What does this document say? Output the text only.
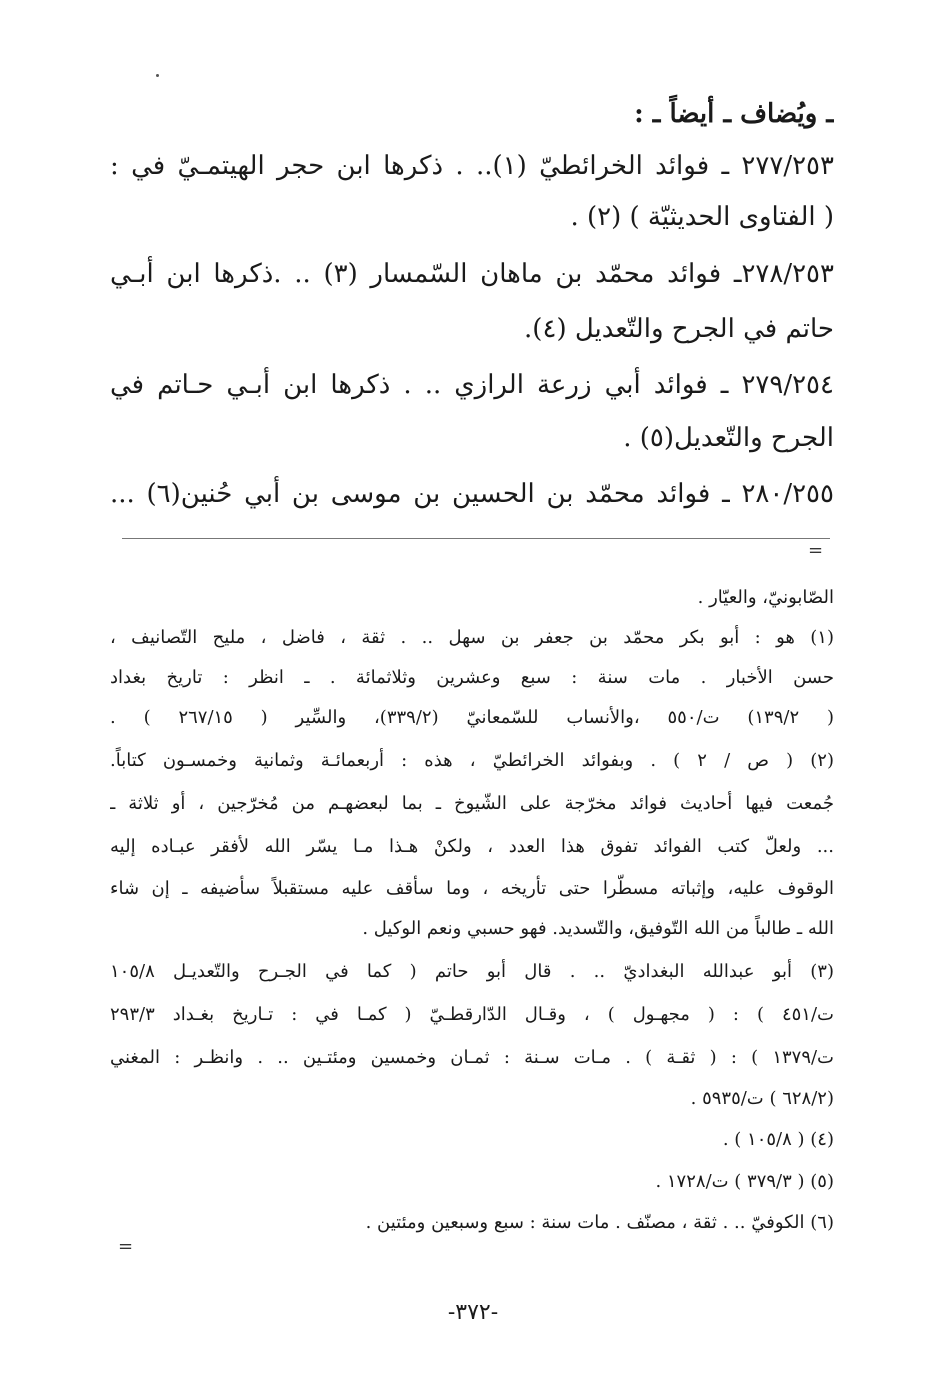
ـ ويُضاف ـ أيضاً ـ :
٢٧٧/٢٥٣ ـ فوائد الخرائطيّ (١).. . ذكرها ابن حجر الهيتمـيّ في :
( الفتاوى الحديثيّة ) (٢) .
٢٧٨/٢٥٣ـ فوائد محمّد بن ماهان السّمسار (٣) .. .ذكرها ابن أبـي
حاتم في الجرح والتّعديل (٤).
٢٧٩/٢٥٤ ـ فوائد أبي زرعة الرازي .. . ذكرها ابن أبـي حـاتم في
الجرح والتّعديل(٥) .
٢٨٠/٢٥٥ ـ فوائد محمّد بن الحسين بن موسى بن أبي حُنين(٦) ...
=
الصّابونيّ، والعيّار .
(١) هو : أبو بكر محمّد بن جعفر بن سهل .. . ثقة ، فاضل ، مليح التّصانيف ،
حسن الأخبار . مات سنة : سبع وعشرين وثلاثمائة . ـ انظر : تاريخ بغداد
( ١٣٩/٢) ت/٥٥٠ ،والأنساب للسّمعانيّ (٣٣٩/٢)، والسِّير ( ٢٦٧/١٥ ) .
(٢) ( ص / ٢ ) . وبفوائد الخرائطيّ ، هذه : أربعمائـة وثمانية وخمسـون كتاباً.
جُمعت فيها أحاديث فوائد مخرّجة على الشّيوخ ـ بما لبعضهـم من مُخرّجين ، أو ثلاثة ـ
... ولعلّ كتب الفوائد تفوق هذا العدد ، ولكنْ هـذا مـا يسّر الله لأفقر عبـاده إليه
الوقوف عليه، وإثباته مسطّرا حتى تأريخه ، وما سأقف عليه مستقبلاً سأضيفه ـ إن شاء
الله ـ طالباً من الله التّوفيق، والتّسديد. فهو حسبي ونعم الوكيل .
(٣) أبو عبدالله البغداديّ .. . قال أبو حاتم ( كما في الجـرح والتّعديـل ١٠٥/٨
ت/٤٥١ ) : ( مجهـول ) ، وقـال الدّارقطـيّ ( كمـا في : تـاريخ بغـداد ٢٩٣/٣
ت/١٣٧٩ ) : ( ثقـة ) . مـات سـنة : ثمـان وخمسين ومئتـين .. . وانظـر : المغني
(٦٢٨/٢ ) ت/٥٩٣٥ .
(٤) ( ١٠٥/٨ ) .
(٥) ( ٣٧٩/٣ ) ت/١٧٢٨ .
(٦) الكوفيّ .. . ثقة ، مصنّف . مات سنة : سبع وسبعين ومئتين .
=
-٣٧٢-
